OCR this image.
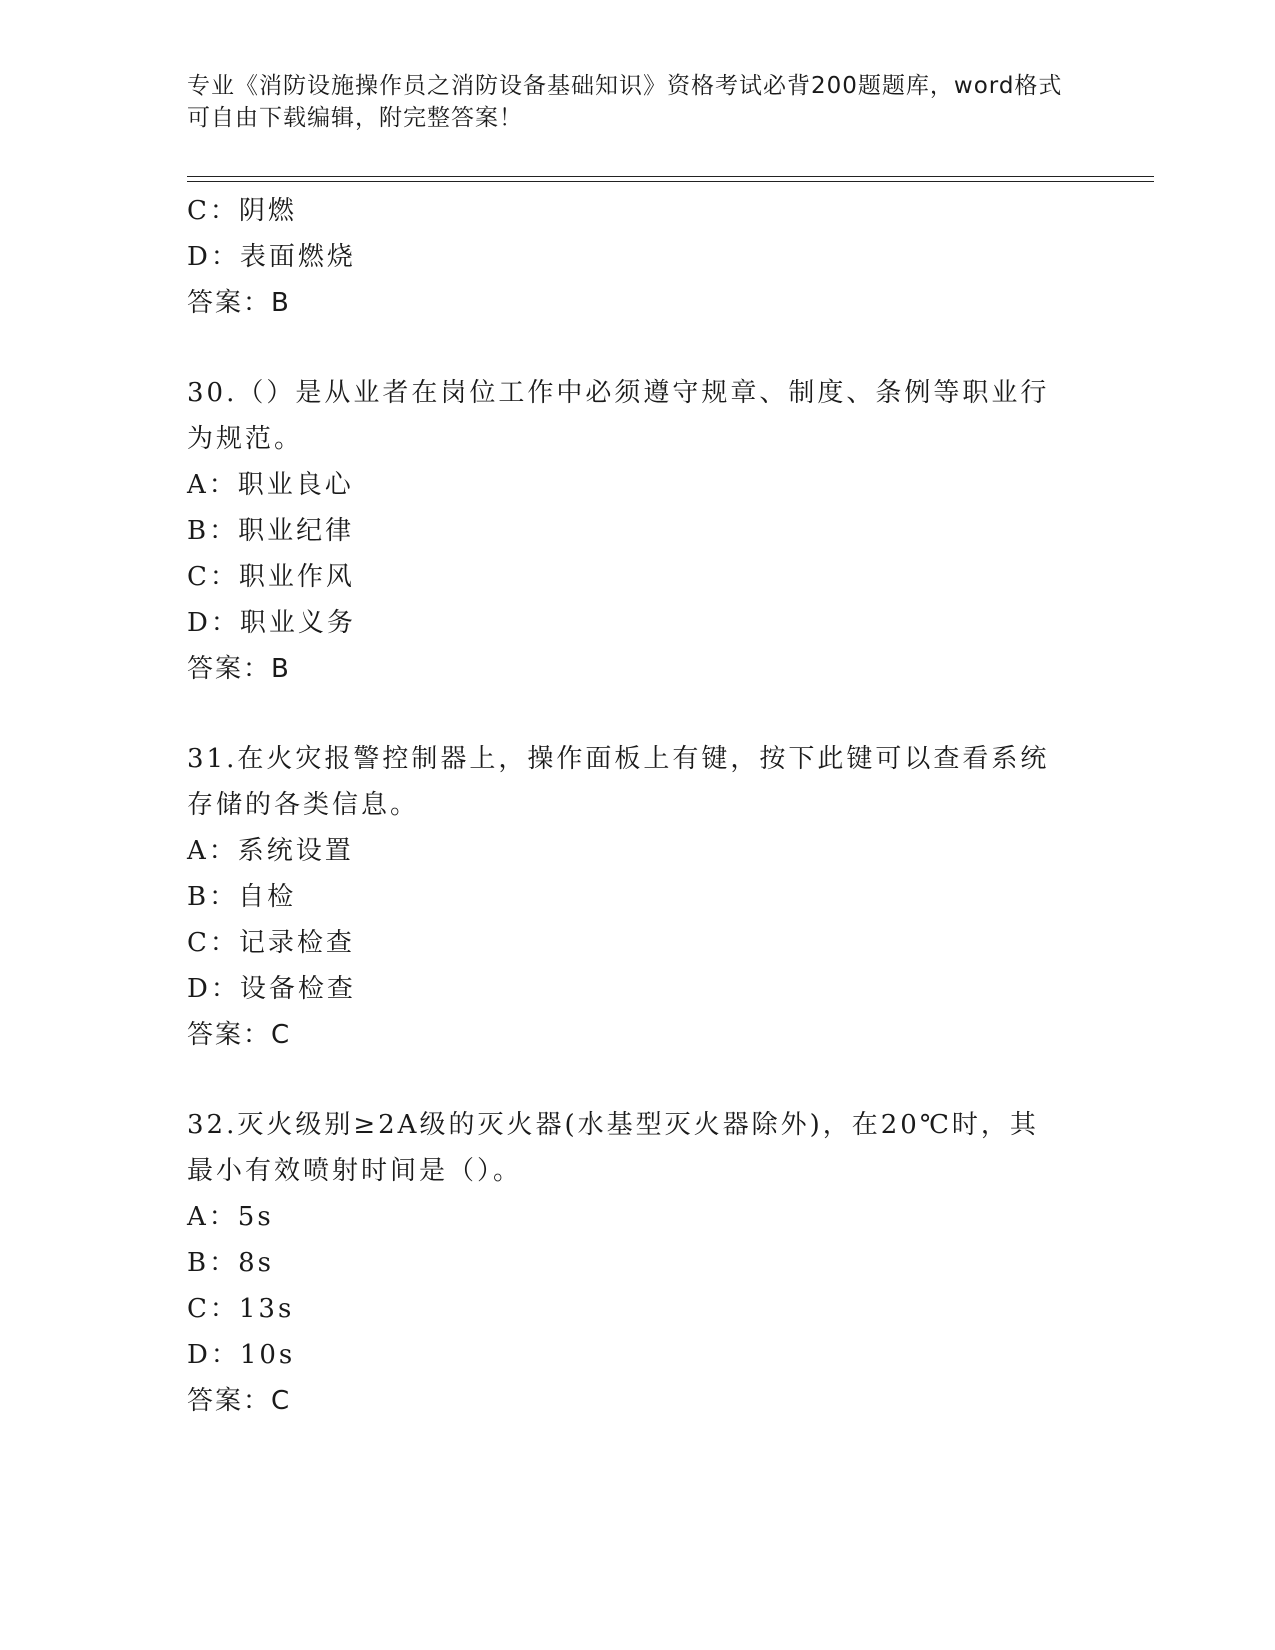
专业《消防设施操作员之消防设备基础知识》资格考试必背200题题库，word格式可自由下载编辑，附完整答案！
C：阴燃
D：表面燃烧
答案：B
30.（）是从业者在岗位工作中必须遵守规章、制度、条例等职业行为规范。
A：职业良心
B：职业纪律
C：职业作风
D：职业义务
答案：B
31.在火灾报警控制器上，操作面板上有键，按下此键可以查看系统存储的各类信息。
A：系统设置
B：自检
C：记录检查
D：设备检查
答案：C
32.灭火级别≥2A级的灭火器(水基型灭火器除外)，在20℃时，其最小有效喷射时间是（）。
A：5s
B：8s
C：13s
D：10s
答案：C
